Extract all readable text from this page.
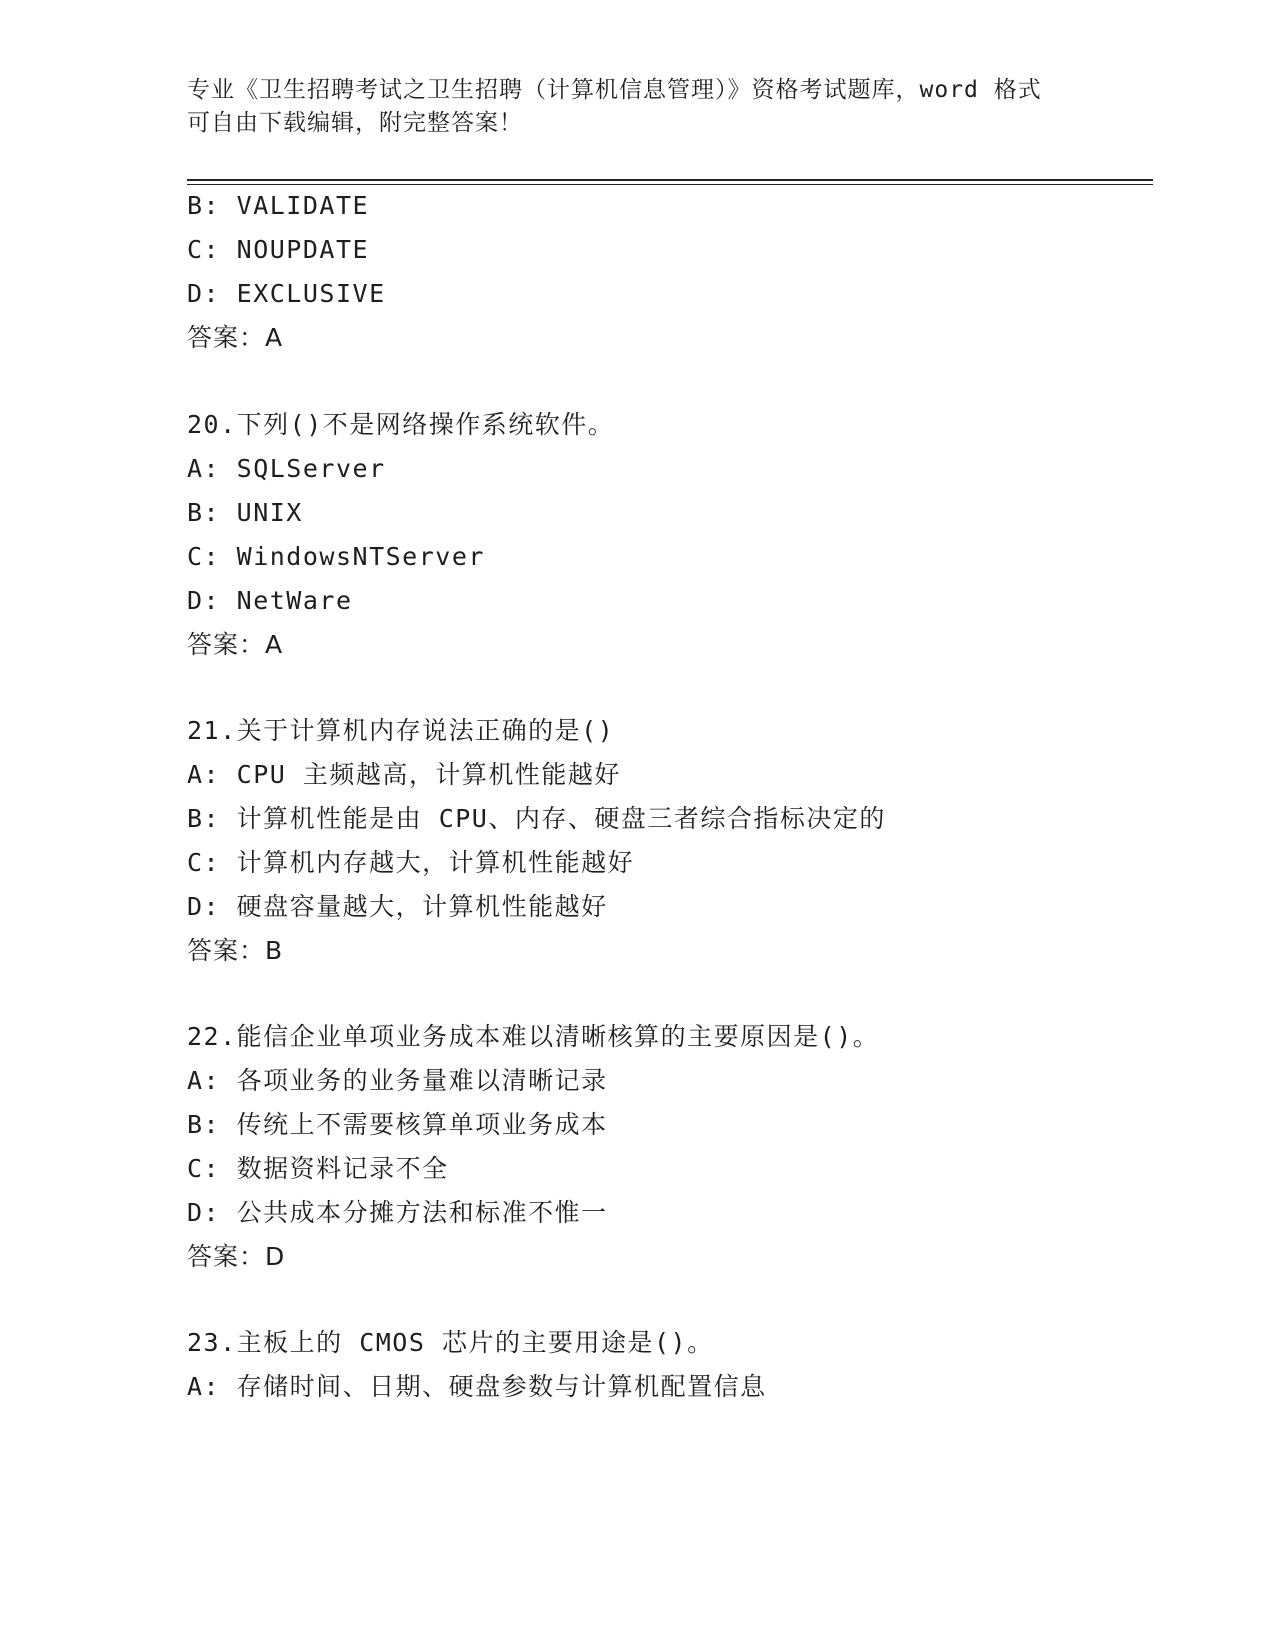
专业《卫生招聘考试之卫生招聘（计算机信息管理）》资格考试题库，word 格式
可自由下载编辑，附完整答案！
B: VALIDATE
C: NOUPDATE
D: EXCLUSIVE
答案：A
20.下列()不是网络操作系统软件。
A: SQLServer
B: UNIX
C: WindowsNTServer
D: NetWare
答案：A
21.关于计算机内存说法正确的是()
A: CPU 主频越高，计算机性能越好
B: 计算机性能是由 CPU、内存、硬盘三者综合指标决定的
C: 计算机内存越大，计算机性能越好
D: 硬盘容量越大，计算机性能越好
答案：B
22.能信企业单项业务成本难以清晰核算的主要原因是()。
A: 各项业务的业务量难以清晰记录
B: 传统上不需要核算单项业务成本
C: 数据资料记录不全
D: 公共成本分摊方法和标准不惟一
答案：D
23.主板上的 CMOS 芯片的主要用途是()。
A: 存储时间、日期、硬盘参数与计算机配置信息
